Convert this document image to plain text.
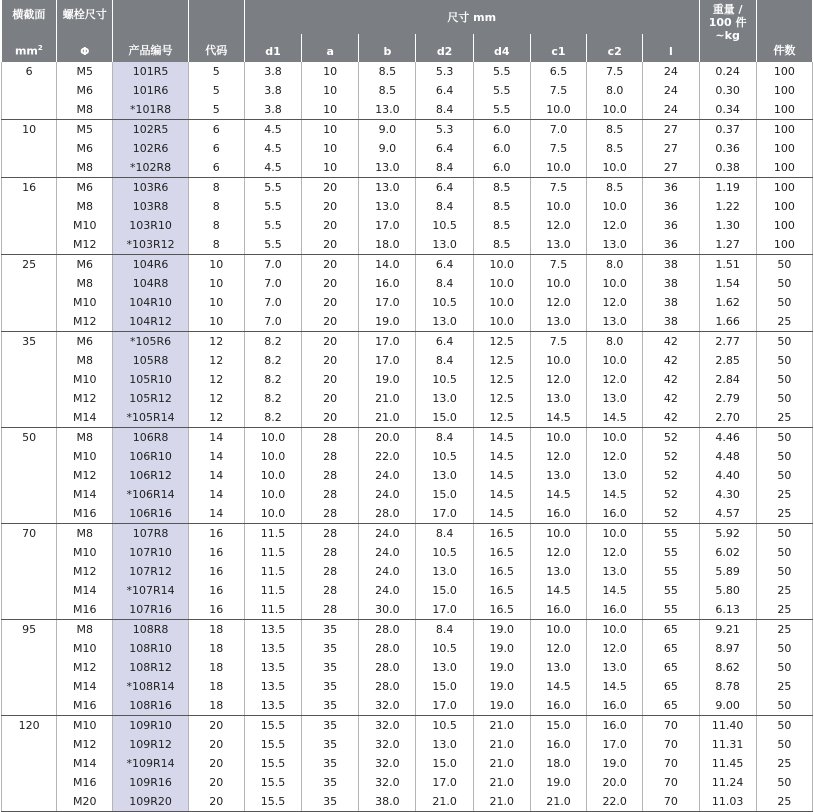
横截面	螺栓尺寸	产品编号	代码	尺寸 mm								重量 /
100 件
~kg	件数
$mm^2$	Φ			d1	a	b	d2	d4	c1	c2	l		
6	M5	101R5	5	3.8	10	8.5	5.3	5.5	6.5	7.5	24	0.24	100
	M6	101R6	5	3.8	10	8.5	6.4	5.5	7.5	8.0	24	0.30	100
	M8	*101R8	5	3.8	10	13.0	8.4	5.5	10.0	10.0	24	0.34	100
10	M5	102R5	6	4.5	10	9.0	5.3	6.0	7.0	8.5	27	0.37	100
	M6	102R6	6	4.5	10	9.0	6.4	6.0	7.5	8.5	27	0.36	100
	M8	*102R8	6	4.5	10	13.0	8.4	6.0	10.0	10.0	27	0.38	100
16	M6	103R6	8	5.5	20	13.0	6.4	8.5	7.5	8.5	36	1.19	100
	M8	103R8	8	5.5	20	13.0	8.4	8.5	10.0	10.0	36	1.22	100
	M10	103R10	8	5.5	20	17.0	10.5	8.5	12.0	12.0	36	1.30	100
	M12	*103R12	8	5.5	20	18.0	13.0	8.5	13.0	13.0	36	1.27	100
25	M6	104R6	10	7.0	20	14.0	6.4	10.0	7.5	8.0	38	1.51	50
	M8	104R8	10	7.0	20	16.0	8.4	10.0	10.0	10.0	38	1.54	50
	M10	104R10	10	7.0	20	17.0	10.5	10.0	12.0	12.0	38	1.62	50
	M12	104R12	10	7.0	20	19.0	13.0	10.0	13.0	13.0	38	1.66	25
35	M6	*105R6	12	8.2	20	17.0	6.4	12.5	7.5	8.0	42	2.77	50
	M8	105R8	12	8.2	20	17.0	8.4	12.5	10.0	10.0	42	2.85	50
	M10	105R10	12	8.2	20	19.0	10.5	12.5	12.0	12.0	42	2.84	50
	M12	105R12	12	8.2	20	21.0	13.0	12.5	13.0	13.0	42	2.79	50
	M14	*105R14	12	8.2	20	21.0	15.0	12.5	14.5	14.5	42	2.70	25
50	M8	106R8	14	10.0	28	20.0	8.4	14.5	10.0	10.0	52	4.46	50
	M10	106R10	14	10.0	28	22.0	10.5	14.5	12.0	12.0	52	4.48	50
	M12	106R12	14	10.0	28	24.0	13.0	14.5	13.0	13.0	52	4.40	50
	M14	*106R14	14	10.0	28	24.0	15.0	14.5	14.5	14.5	52	4.30	25
	M16	106R16	14	10.0	28	28.0	17.0	14.5	16.0	16.0	52	4.57	25
70	M8	107R8	16	11.5	28	24.0	8.4	16.5	10.0	10.0	55	5.92	50
	M10	107R10	16	11.5	28	24.0	10.5	16.5	12.0	12.0	55	6.02	50
	M12	107R12	16	11.5	28	24.0	13.0	16.5	13.0	13.0	55	5.89	50
	M14	*107R14	16	11.5	28	24.0	15.0	16.5	14.5	14.5	55	5.80	25
	M16	107R16	16	11.5	28	30.0	17.0	16.5	16.0	16.0	55	6.13	25
95	M8	108R8	18	13.5	35	28.0	8.4	19.0	10.0	10.0	65	9.21	25
	M10	108R10	18	13.5	35	28.0	10.5	19.0	12.0	12.0	65	8.97	50
	M12	108R12	18	13.5	35	28.0	13.0	19.0	13.0	13.0	65	8.62	50
	M14	*108R14	18	13.5	35	28.0	15.0	19.0	14.5	14.5	65	8.78	25
	M16	108R16	18	13.5	35	32.0	17.0	19.0	16.0	16.0	65	9.00	50
120	M10	109R10	20	15.5	35	32.0	10.5	21.0	15.0	16.0	70	11.40	50
	M12	109R12	20	15.5	35	32.0	13.0	21.0	16.0	17.0	70	11.31	50
	M14	*109R14	20	15.5	35	32.0	15.0	21.0	18.0	19.0	70	11.45	25
	M16	109R16	20	15.5	35	32.0	17.0	21.0	19.0	20.0	70	11.24	50
	M20	109R20	20	15.5	35	38.0	21.0	21.0	21.0	22.0	70	11.03	25
